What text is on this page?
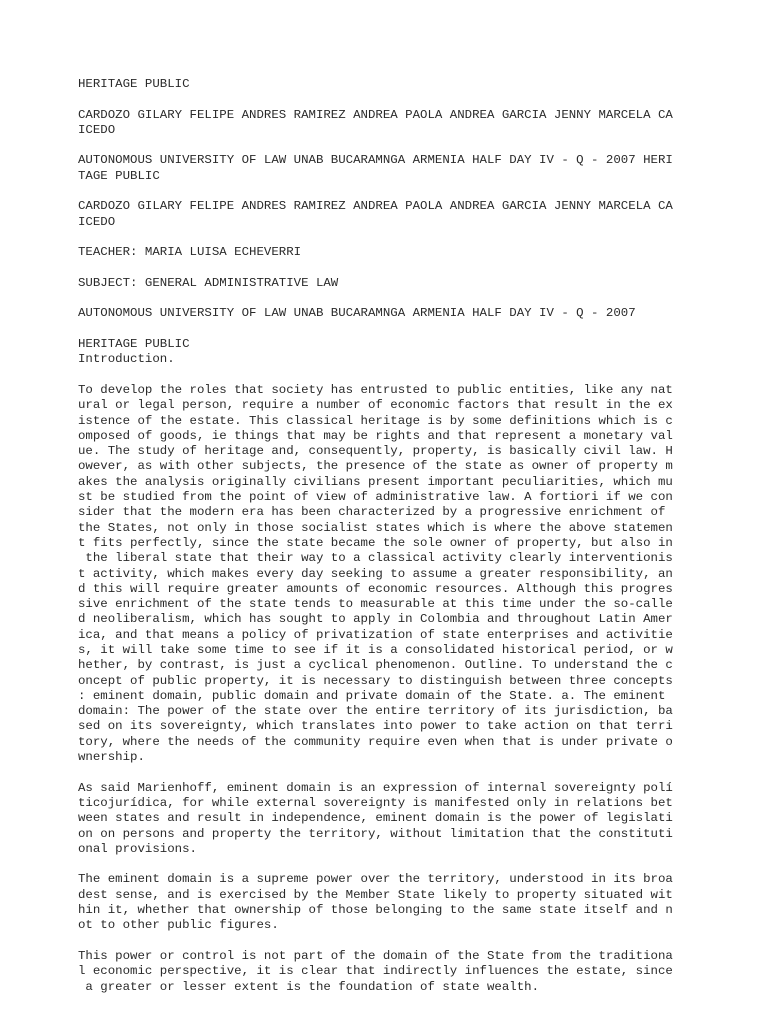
HERITAGE PUBLIC
CARDOZO GILARY FELIPE ANDRES RAMIREZ ANDREA PAOLA ANDREA GARCIA JENNY MARCELA CA
ICEDO
AUTONOMOUS UNIVERSITY OF LAW UNAB BUCARAMNGA ARMENIA HALF DAY IV - Q - 2007 HERI
TAGE PUBLIC
CARDOZO GILARY FELIPE ANDRES RAMIREZ ANDREA PAOLA ANDREA GARCIA JENNY MARCELA CA
ICEDO
TEACHER: MARIA LUISA ECHEVERRI
SUBJECT: GENERAL ADMINISTRATIVE LAW
AUTONOMOUS UNIVERSITY OF LAW UNAB BUCARAMNGA ARMENIA HALF DAY IV - Q - 2007
HERITAGE PUBLIC
Introduction.
To develop the roles that society has entrusted to public entities, like any nat
ural or legal person, require a number of economic factors that result in the ex
istence of the estate. This classical heritage is by some definitions which is c
omposed of goods, ie things that may be rights and that represent a monetary val
ue. The study of heritage and, consequently, property, is basically civil law. H
owever, as with other subjects, the presence of the state as owner of property m
akes the analysis originally civilians present important peculiarities, which mu
st be studied from the point of view of administrative law. A fortiori if we con
sider that the modern era has been characterized by a progressive enrichment of
the States, not only in those socialist states which is where the above statemen
t fits perfectly, since the state became the sole owner of property, but also in
the liberal state that their way to a classical activity clearly interventionis
t activity, which makes every day seeking to assume a greater responsibility, an
d this will require greater amounts of economic resources. Although this progres
sive enrichment of the state tends to measurable at this time under the so-calle
d neoliberalism, which has sought to apply in Colombia and throughout Latin Amer
ica, and that means a policy of privatization of state enterprises and activitie
s, it will take some time to see if it is a consolidated historical period, or w
hether, by contrast, is just a cyclical phenomenon. Outline. To understand the c
oncept of public property, it is necessary to distinguish between three concepts
: eminent domain, public domain and private domain of the State. a. The eminent
domain: The power of the state over the entire territory of its jurisdiction, ba
sed on its sovereignty, which translates into power to take action on that terri
tory, where the needs of the community require even when that is under private o
wnership.
As said Marienhoff, eminent domain is an expression of internal sovereignty polí
ticojurídica, for while external sovereignty is manifested only in relations bet
ween states and result in independence, eminent domain is the power of legislati
on on persons and property the territory, without limitation that the constituti
onal provisions.
The eminent domain is a supreme power over the territory, understood in its broa
dest sense, and is exercised by the Member State likely to property situated wit
hin it, whether that ownership of those belonging to the same state itself and n
ot to other public figures.
This power or control is not part of the domain of the State from the traditiona
l economic perspective, it is clear that indirectly influences the estate, since
a greater or lesser extent is the foundation of state wealth.
